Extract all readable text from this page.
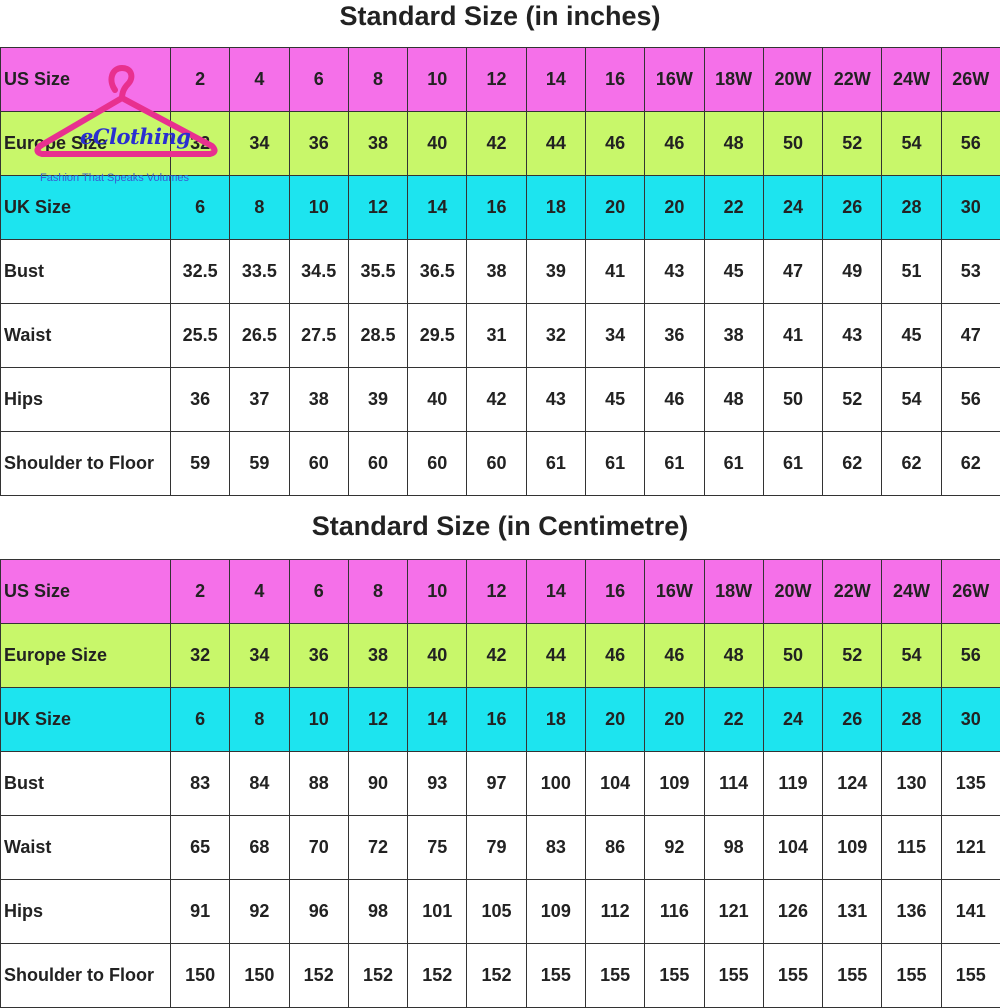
Standard Size (in inches)
US Size	2	4	6	8	10	12	14	16	16W	18W	20W	22W	24W	26W
Europe Size	32	34	36	38	40	42	44	46	46	48	50	52	54	56
UK Size	6	8	10	12	14	16	18	20	20	22	24	26	28	30
Bust	32.5	33.5	34.5	35.5	36.5	38	39	41	43	45	47	49	51	53
Waist	25.5	26.5	27.5	28.5	29.5	31	32	34	36	38	41	43	45	47
Hips	36	37	38	39	40	42	43	45	46	48	50	52	54	56
Shoulder to Floor	59	59	60	60	60	60	61	61	61	61	61	62	62	62
Standard Size (in Centimetre)
US Size	2	4	6	8	10	12	14	16	16W	18W	20W	22W	24W	26W
Europe Size	32	34	36	38	40	42	44	46	46	48	50	52	54	56
UK Size	6	8	10	12	14	16	18	20	20	22	24	26	28	30
Bust	83	84	88	90	93	97	100	104	109	114	119	124	130	135
Waist	65	68	70	72	75	79	83	86	92	98	104	109	115	121
Hips	91	92	96	98	101	105	109	112	116	121	126	131	136	141
Shoulder to Floor	150	150	152	152	152	152	155	155	155	155	155	155	155	155
eClothing
Fashion That Speaks Volumes
